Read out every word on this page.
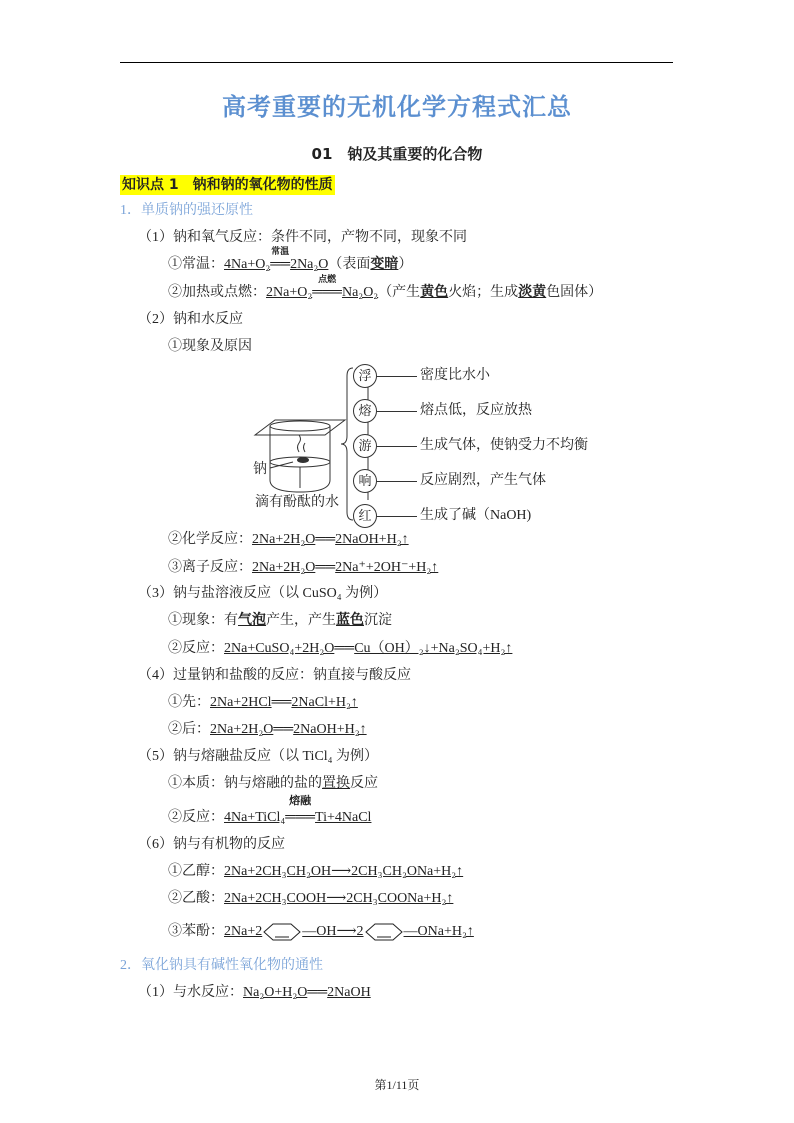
高考重要的无机化学方程式汇总
01　钠及其重要的化合物
知识点 1　钠和钠的氧化物的性质
1．单质钠的强还原性
（1）钠和氧气反应：条件不同，产物不同，现象不同
①常温：4Na+O₂
常温
══2Na₂O（表面变暗）
②加热或点燃：2Na+O₂
点燃
═══Na₂O₂（产生黄色火焰；生成淡黄色固体）
（2）钠和水反应
①现象及原因
钠
滴有酚酞的水
浮	密度比水小
熔	熔点低，反应放热
游	生成气体，使钠受力不均衡
响	反应剧烈，产生气体
红	生成了碱（NaOH)
②化学反应：2Na+2H₂O══2NaOH+H₂↑
③离子反应：2Na+2H₂O══2Na⁺+2OH⁻+H₂↑
（3）钠与盐溶液反应（以 CuSO₄ 为例）
①现象：有气泡产生，产生蓝色沉淀
②反应：2Na+CuSO₄+2H₂O══Cu（OH）₂↓+Na₂SO₄+H₂↑
（4）过量钠和盐酸的反应：钠直接与酸反应
①先：2Na+2HCl══2NaCl+H₂↑
②后：2Na+2H₂O══2NaOH+H₂↑
（5）钠与熔融盐反应（以 TiCl₄ 为例）
①本质：钠与熔融的盐的置换反应
②反应：4Na+TiCl₄
熔融
═══Ti+4NaCl
（6）钠与有机物的反应
①乙醇：2Na+2CH₃CH₂OH⟶2CH₃CH₂ONa+H₂↑
②乙酸：2Na+2CH₃COOH⟶2CH₃COONa+H₂↑
③苯酚：2Na+2	—OH⟶2	—ONa+H₂↑
2．氧化钠具有碱性氧化物的通性
（1）与水反应：Na₂O+H₂O══2NaOH
第1/11页
